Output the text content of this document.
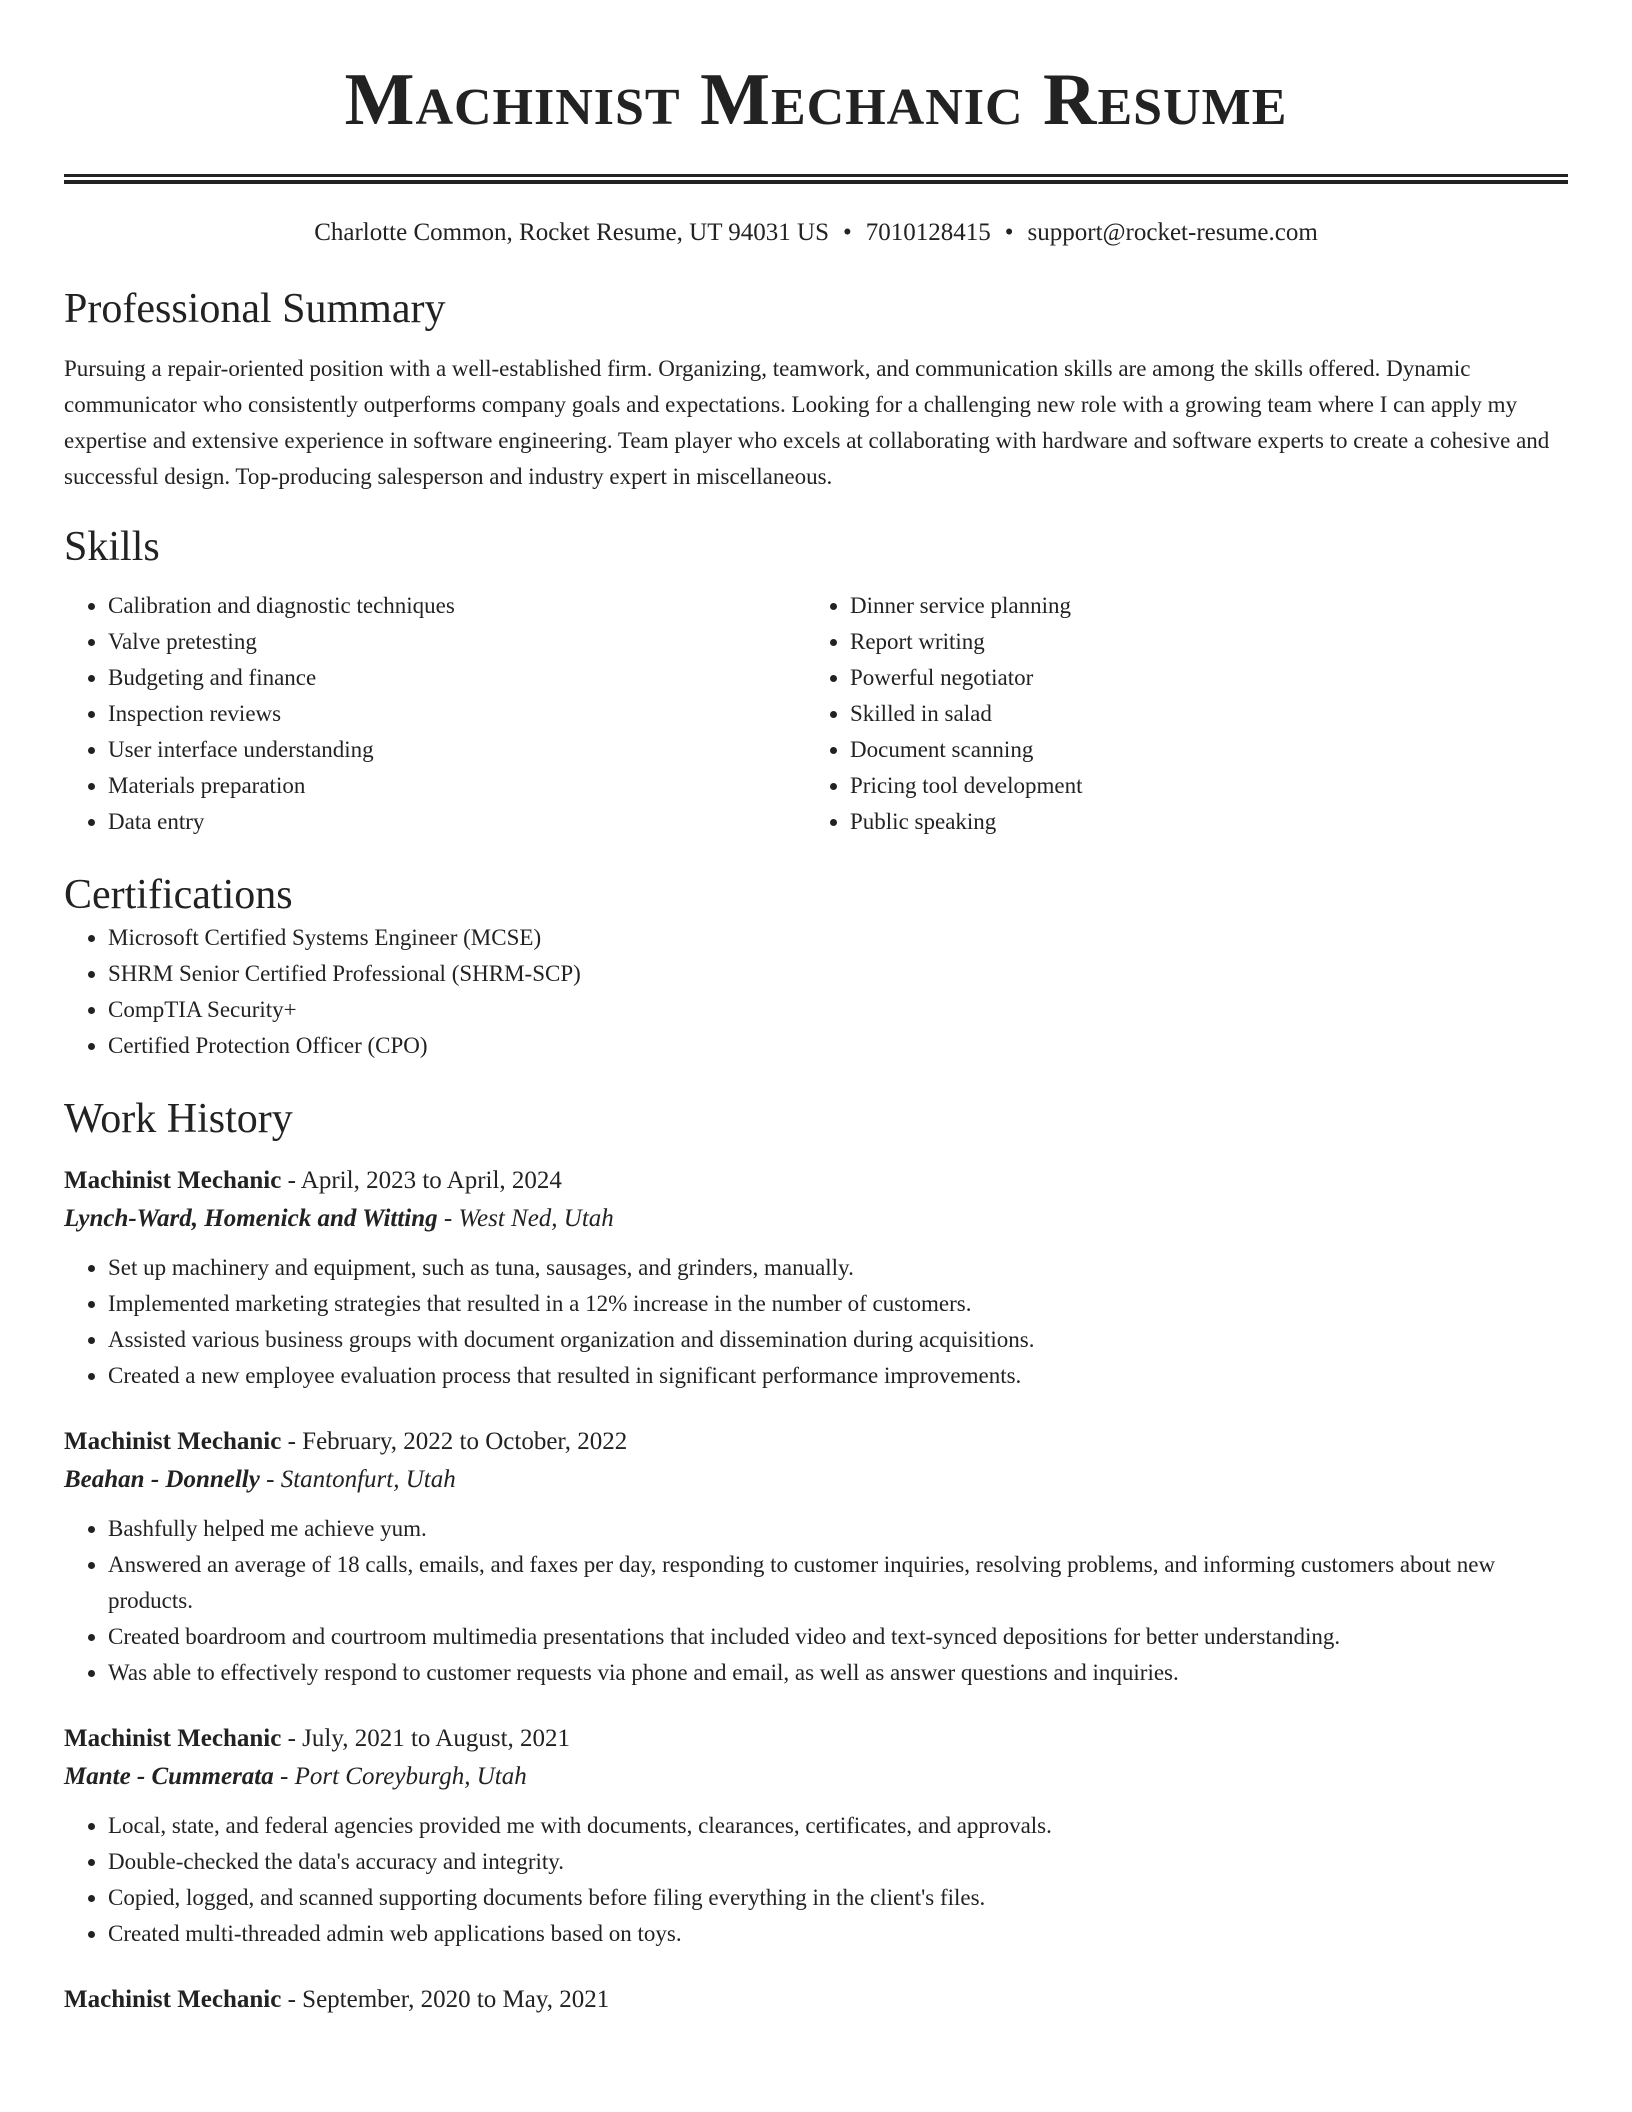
Machinist Mechanic Resume
Charlotte Common, Rocket Resume, UT 94031 US • 7010128415 • support@rocket-resume.com
Professional Summary

Pursuing a repair-oriented position with a well-established firm. Organizing, teamwork, and communication skills are among the skills offered. Dynamic communicator who consistently outperforms company goals and expectations. Looking for a challenging new role with a growing team where I can apply my expertise and extensive experience in software engineering. Team player who excels at collaborating with hardware and software experts to create a cohesive and successful design. Top-producing salesperson and industry expert in miscellaneous.

Skills
• Calibration and diagnostic techniques
• Valve pretesting
• Budgeting and finance
• Inspection reviews
• User interface understanding
• Materials preparation
• Data entry
• Dinner service planning
• Report writing
• Powerful negotiator
• Skilled in salad
• Document scanning
• Pricing tool development
• Public speaking
Certifications
• Microsoft Certified Systems Engineer (MCSE)
• SHRM Senior Certified Professional (SHRM-SCP)
• CompTIA Security+
• Certified Protection Officer (CPO)
Work History
Machinist Mechanic - April, 2023 to April, 2024
Lynch-Ward, Homenick and Witting - West Ned, Utah
• Set up machinery and equipment, such as tuna, sausages, and grinders, manually.
• Implemented marketing strategies that resulted in a 12% increase in the number of customers.
• Assisted various business groups with document organization and dissemination during acquisitions.
• Created a new employee evaluation process that resulted in significant performance improvements.
Machinist Mechanic - February, 2022 to October, 2022
Beahan - Donnelly - Stantonfurt, Utah
• Bashfully helped me achieve yum.
• Answered an average of 18 calls, emails, and faxes per day, responding to customer inquiries, resolving problems, and informing customers about new products.
• Created boardroom and courtroom multimedia presentations that included video and text-synced depositions for better understanding.
• Was able to effectively respond to customer requests via phone and email, as well as answer questions and inquiries.
Machinist Mechanic - July, 2021 to August, 2021
Mante - Cummerata - Port Coreyburgh, Utah
• Local, state, and federal agencies provided me with documents, clearances, certificates, and approvals.
• Double-checked the data's accuracy and integrity.
• Copied, logged, and scanned supporting documents before filing everything in the client's files.
• Created multi-threaded admin web applications based on toys.
Machinist Mechanic - September, 2020 to May, 2021
